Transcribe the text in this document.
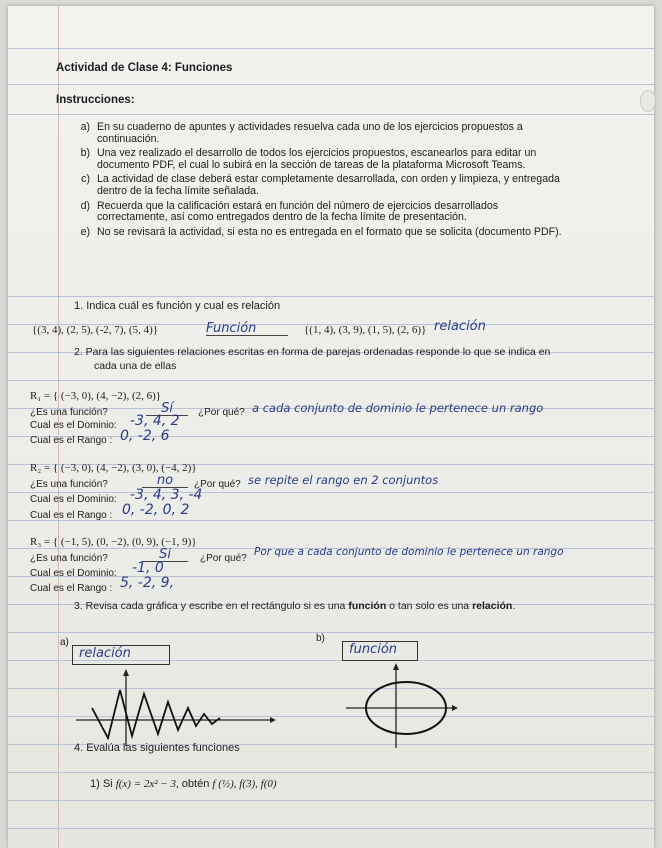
Actividad de Clase 4: Funciones
Instrucciones:
a) En su cuaderno de apuntes y actividades resuelva cada uno de los ejercicios propuestos a continuación.
b) Una vez realizado el desarrollo de todos los ejercicios propuestos, escanearlos para editar un documento PDF, el cual lo subirá en la sección de tareas de la plataforma Microsoft Teams.
c) La actividad de clase deberá estar completamente desarrollada, con orden y limpieza, y entregada dentro de la fecha límite señalada.
d) Recuerda que la calificación estará en función del número de ejercicios desarrollados correctamente, así como entregados dentro de la fecha límite de presentación.
e) No se revisará la actividad, si esta no es entregada en el formato que se solicita (documento PDF).
1. Indica cuál es función y cual es relación
{(3, 4), (2, 5), (-2, 7), (5, 4)}	Función	{(1, 4), (3, 9), (1, 5), (2, 6)} relación
2. Para las siguientes relaciones escritas en forma de parejas ordenadas responde lo que se indica en
cada una de ellas
R₁ = { (−3, 0), (4, −2), (2, 6)}
¿Es una función?	Sí	¿Por qué? a cada conjunto de dominio le pertenece un rango
Cual es el Dominio: -3, 4, 2
Cual es el Rango : 0, -2, 6
R₂ = { (−3, 0), (4, −2), (3, 0), (−4, 2)}
¿Es una función?	no	¿Por qué? se repite el rango en 2 conjuntos
Cual es el Dominio: -3, 4, 3, -4
Cual es el Rango : 0, -2, 0, 2
R₃ = { (−1, 5), (0, −2), (0, 9), (−1, 9)}
¿Es una función?	Si	¿Por qué?
Por que a cada conjunto de dominio le pertenece un rango
Cual es el Dominio: -1, 0
Cual es el Rango : 5, -2, 9,
3. Revisa cada gráfica y escribe en el rectángulo si es una función o tan solo es una relación.
a)
relación
b)
función
4. Evalúa las siguientes funciones
1) Si f(x) = 2x² − 3, obtén f (½), f(3), f(0)
